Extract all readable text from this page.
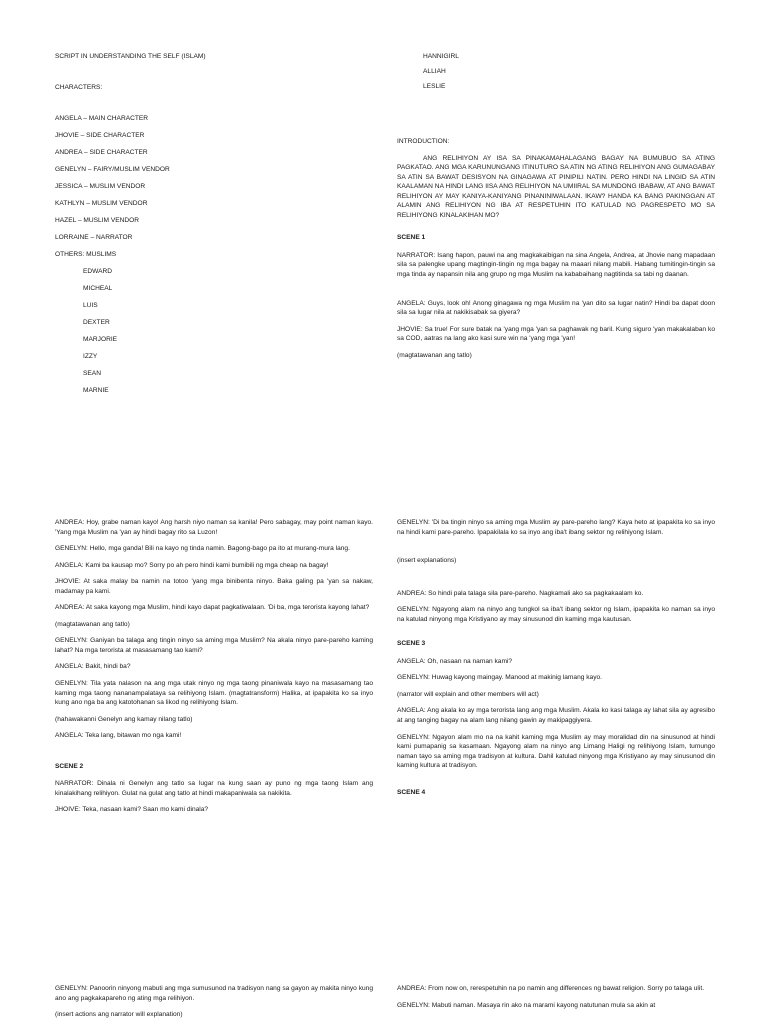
SCRIPT IN UNDERSTANDING THE SELF (ISLAM)
CHARACTERS:
ANGELA – MAIN CHARACTER
JHOVIE – SIDE CHARACTER
ANDREA – SIDE CHARACTER
GENELYN – FAIRY/MUSLIM VENDOR
JESSICA – MUSLIM VENDOR
KATHLYN – MUSLIM VENDOR
HAZEL – MUSLIM VENDOR
LORRAINE – NARRATOR
OTHERS: MUSLIMS
EDWARD
MICHEAL
LUIS
DEXTER
MARJORIE
IZZY
SEAN
MARNIE
HANNIGIRL
ALLIAH
LESLIE

INTRODUCTION:

ANG RELIHIYON AY ISA SA PINAKAMAHALAGANG BAGAY NA BUMUBUO SA ATING PAGKATAO. ANG MGA KARUNUNGANG ITINUTURO SA ATIN NG ATING RELIHIYON ANG GUMAGABAY SA ATIN SA BAWAT DESISYON NA GINAGAWA AT PINIPILI NATIN. PERO HINDI NA LINGID SA ATIN KAALAMAN NA HINDI LANG IISA ANG RELIHIYON NA UMIIRAL SA MUNDONG IBABAW, AT ANG BAWAT RELIHIYON AY MAY KANIYA-KANIYANG PINANINIWALAAN. IKAW? HANDA KA BANG PAKINGGAN AT ALAMIN ANG RELIHIYON NG IBA AT RESPETUHIN ITO KATULAD NG PAGRESPETO MO SA RELIHIYONG KINALAKIHAN MO?

SCENE 1

NARRATOR: Isang hapon, pauwi na ang magkakaibigan na sina Angela, Andrea, at Jhovie nang mapadaan sila sa palengke upang magtingin-tingin ng mga bagay na maaari nilang mabili. Habang tumitingin-tingin sa mga tinda ay napansin nila ang grupo ng mga Muslim na kababaihang nagtitinda sa tabi ng daanan.

ANGELA: Guys, look oh! Anong ginagawa ng mga Muslim na 'yan dito sa lugar natin? Hindi ba dapat doon sila sa lugar nila at nakikisabak sa giyera?

JHOVIE: Sa true! For sure batak na 'yang mga 'yan sa paghawak ng baril. Kung siguro 'yan makakalaban ko sa COD, aatras na lang ako kasi sure win na 'yang mga 'yan!

(magtatawanan ang tatlo)

ANDREA: Hoy, grabe naman kayo! Ang harsh niyo naman sa kanila! Pero sabagay, may point naman kayo. 'Yang mga Muslim na 'yan ay hindi bagay rito sa Luzon!

GENELYN: Hello, mga ganda! Bili na kayo ng tinda namin. Bagong-bago pa ito at murang-mura lang.

ANGELA: Kami ba kausap mo? Sorry po ah pero hindi kami bumibili ng mga cheap na bagay!

JHOVIE: At saka malay ba namin na totoo 'yang mga binibenta ninyo. Baka galing pa 'yan sa nakaw, madamay pa kami.

ANDREA: At saka kayong mga Muslim, hindi kayo dapat pagkatiwalaan. 'Di ba, mga terorista kayong lahat?

(magtatawanan ang tatlo)

GENELYN: Ganiyan ba talaga ang tingin ninyo sa aming mga Muslim? Na akala ninyo pare-pareho kaming lahat? Na mga terorista at masasamang tao kami?

ANGELA: Bakit, hindi ba?

GENELYN: Tila yata nalason na ang mga utak ninyo ng mga taong pinaniwala kayo na masasamang tao kaming mga taong nananampalataya sa relihiyong Islam. (magtatransform) Halika, at ipapakita ko sa inyo kung ano nga ba ang katotohanan sa likod ng relihiyong Islam.

(hahawakanni Genelyn ang kamay nilang tatlo)

ANGELA: Teka lang, bitawan mo nga kami!

SCENE 2

NARRATOR: Dinala ni Genelyn ang tatlo sa lugar na kung saan ay puno ng mga taong Islam ang kinalakihang relihiyon. Gulat na gulat ang tatlo at hindi makapaniwala sa nakikita.

JHOIVE: Teka, nasaan kami? Saan mo kami dinala?

GENELYN: 'Di ba tingin ninyo sa aming mga Muslim ay pare-pareho lang? Kaya heto at ipapakita ko sa inyo na hindi kami pare-pareho. Ipapakilala ko sa inyo ang iba't ibang sektor ng relihiyong Islam.

(insert explanations)

ANDREA: So hindi pala talaga sila pare-pareho. Nagkamali ako sa pagkakaalam ko.

GENELYN: Ngayong alam na ninyo ang tungkol sa iba't ibang sektor ng Islam, ipapakita ko naman sa inyo na katulad ninyong mga Kristiyano ay may sinusunod din kaming mga kautusan.

SCENE 3

ANGELA: Oh, nasaan na naman kami?

GENELYN: Huwag kayong maingay. Manood at makinig lamang kayo.

(narrator will explain and other members will act)

ANGELA: Ang akala ko ay mga terorista lang ang mga Muslim. Akala ko kasi talaga ay lahat sila ay agresibo at ang tanging bagay na alam lang nilang gawin ay makipaggiyera.

GENELYN: Ngayon alam mo na na kahit kaming mga Muslim ay may moralidad din na sinusunod at hindi kami pumapanig sa kasamaan. Ngayong alam na ninyo ang Limang Haligi ng relihiyong Islam, tumungo naman tayo sa aming mga tradisyon at kultura. Dahil katulad ninyong mga Kristiyano ay may sinusunod din kaming kultura at tradisyon.

SCENE 4

GENELYN: Panoorin ninyong mabuti ang mga sumusunod na tradisyon nang sa gayon ay makita ninyo kung ano ang pagkakapareho ng ating mga relihiyon.

(insert actions ang narrator will explanation)

ANDREA: From now on, rerespetuhin na po namin ang differences ng bawat religion. Sorry po talaga ulit.

GENELYN: Mabuti naman. Masaya rin ako na marami kayong natutunan mula sa akin at
